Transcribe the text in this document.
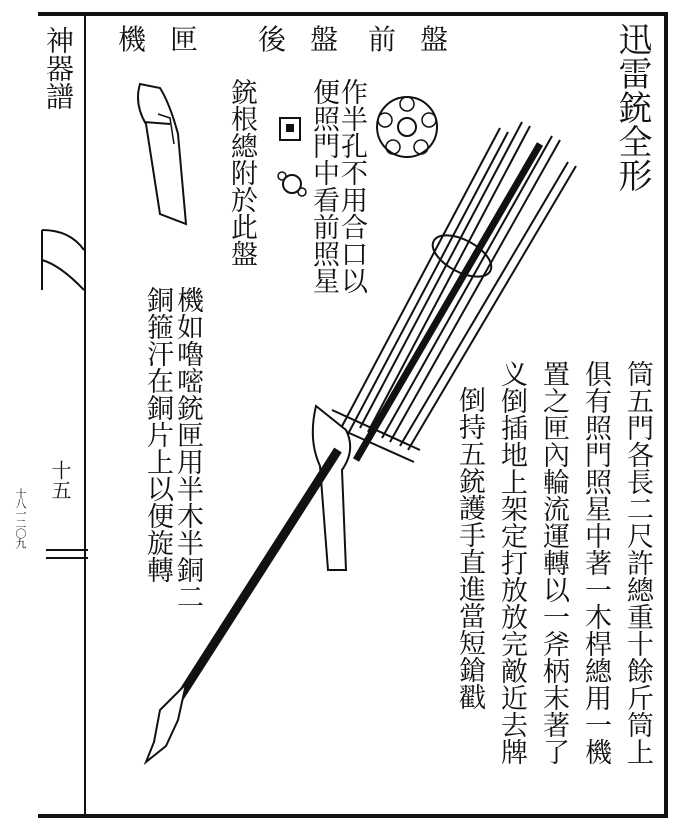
神器譜
十五
十八一二〇九
迅雷銃全形
前盤
後盤
機匣
銃根總附於此盤	作半孔不用合口以
便照門中看前照星
機如嚕嘧銃匣用半木半銅二
銅箍汗在銅片上以便旋轉	筒五門各長二尺許總重十餘斤筒上
俱有照門照星中著一木桿總用一機
置之匣內輪流運轉以一斧柄末著了
义倒插地上架定打放放完敵近去牌
倒持五銃護手直進當短鎗戳
